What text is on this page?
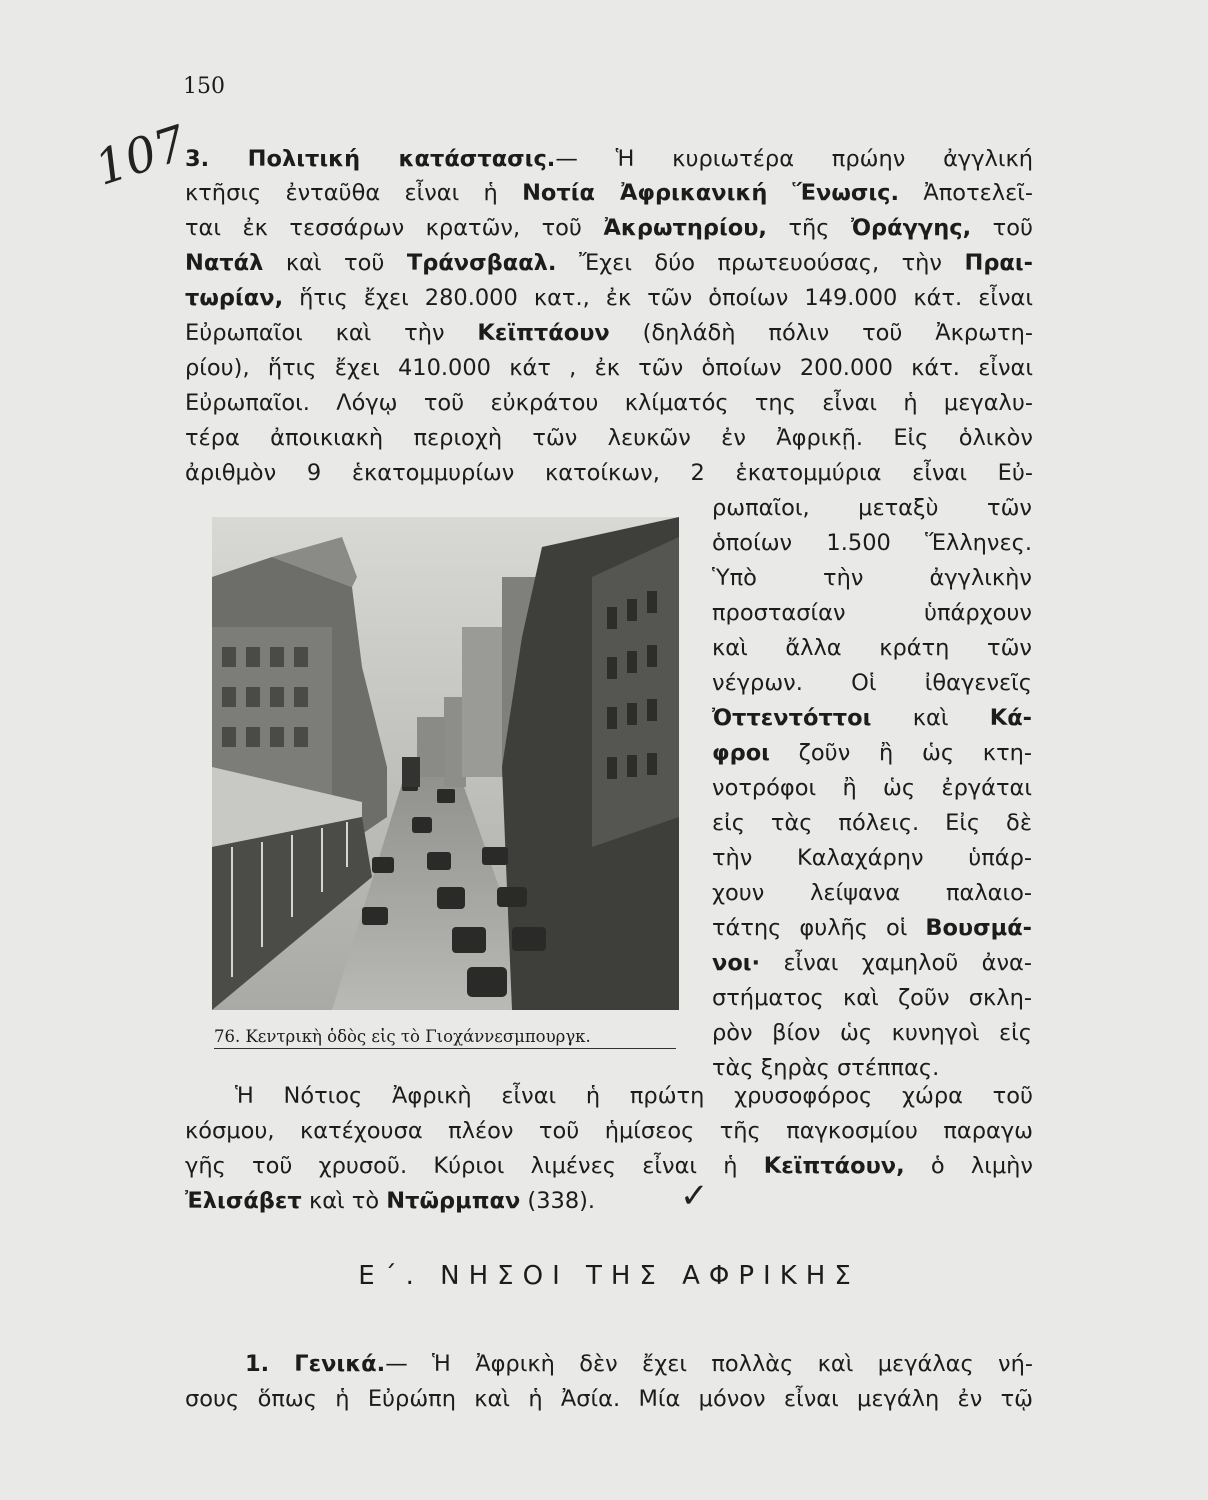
150
107
3. Πολιτική κατάστασις.— Ἡ κυριωτέρα πρώην ἀγγλική
κτῆσις ἐνταῦθα εἶναι ἡ Νοτία Ἀφρικανική Ἕνωσις. Ἀποτελεῖ-
ται ἐκ τεσσάρων κρατῶν, τοῦ Ἀκρωτηρίου, τῆς Ὀράγγης, τοῦ
Νατάλ καὶ τοῦ Τράνσβααλ. Ἔχει δύο πρωτευούσας, τὴν Πραι-
τωρίαν, ἥτις ἔχει 280.000 κατ., ἐκ τῶν ὁποίων 149.000 κάτ. εἶναι
Εὐρωπαῖοι καὶ τὴν Κεϊπτάουν (δηλάδὴ πόλιν τοῦ Ἀκρωτη-
ρίου), ἥτις ἔχει 410.000 κάτ , ἐκ τῶν ὁποίων 200.000 κάτ. εἶναι
Εὐρωπαῖοι. Λόγῳ τοῦ εὐκράτου κλίματός της εἶναι ἡ μεγαλυ-
τέρα ἀποικιακὴ περιοχὴ τῶν λευκῶν ἐν Ἀφρικῇ. Εἰς ὁλικὸν
ἀριθμὸν 9 ἑκατομμυρίων κατοίκων, 2 ἑκατομμύρια εἶναι Εὐ-
ρωπαῖοι, μεταξὺ τῶν
ὁποίων 1.500 Ἕλληνες.
Ὑπὸ τὴν ἀγγλικὴν
προστασίαν ὑπάρχουν
καὶ ἄλλα κράτη τῶν
νέγρων. Οἱ ἰθαγενεῖς
Ὀττεντόττοι καὶ Κά-
φροι ζοῦν ἢ ὡς κτη-
νοτρόφοι ἢ ὡς ἐργάται
εἰς τὰς πόλεις. Εἰς δὲ
τὴν Καλαχάρην ὑπάρ-
χουν λείψανα παλαιο-
τάτης φυλῆς οἱ Βουσμά-
νοι· εἶναι χαμηλοῦ ἀνα-
στήματος καὶ ζοῦν σκλη-
ρὸν βίον ὡς κυνηγοὶ εἰς
τὰς ξηρὰς στέππας.
76. Κεντρικὴ ὁδὸς εἰς τὸ Γιοχάννεσμπουργκ.
Ἡ Νότιος Ἀφρικὴ εἶναι ἡ πρώτη χρυσοφόρος χώρα τοῦ
κόσμου, κατέχουσα πλέον τοῦ ἡμίσεος τῆς παγκοσμίου παραγω
γῆς τοῦ χρυσοῦ. Κύριοι λιμένες εἶναι ἡ Κεϊπτάουν, ὁ λιμὴν
Ἐλισάβετ καὶ τὸ Ντῶρμπαν (338).	✓
Ε΄. ΝΗΣΟΙ ΤΗΣ ΑΦΡΙΚΗΣ
1. Γενικά.— Ἡ Ἀφρικὴ δὲν ἔχει πολλὰς καὶ μεγάλας νή-
σους ὅπως ἡ Εὐρώπη καὶ ἡ Ἀσία. Μία μόνον εἶναι μεγάλη ἐν τῷ
